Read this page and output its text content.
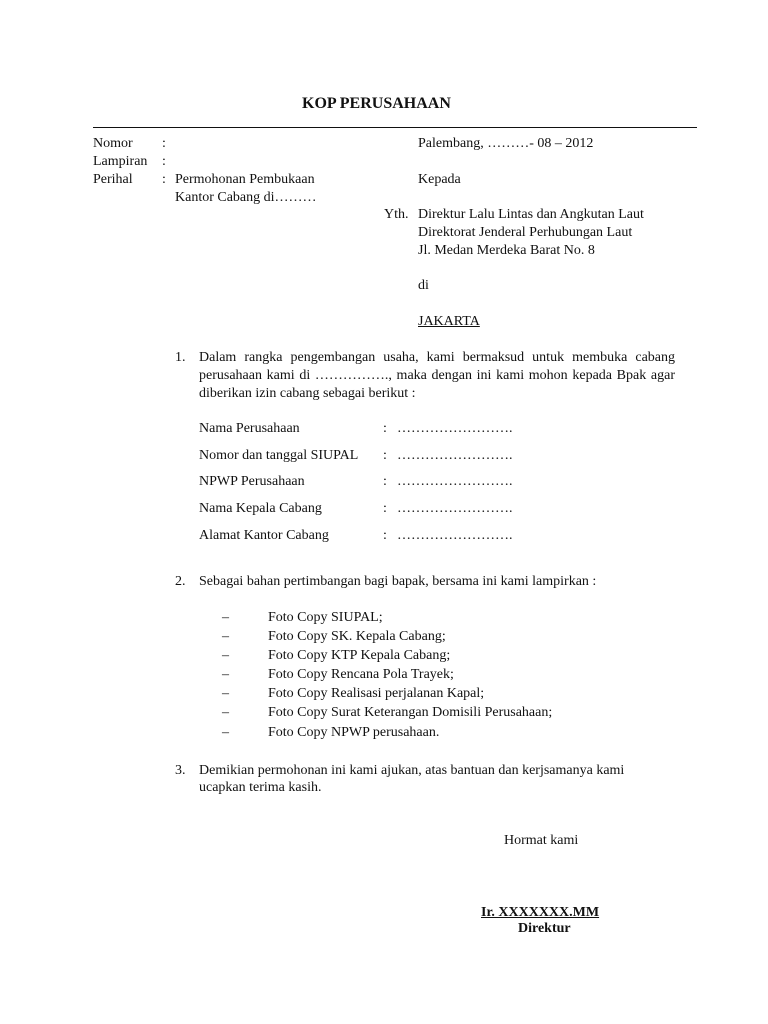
KOP PERUSAHAAN
Nomor :
Lampiran :
Perihal : Permohonan Pembukaan
Kantor Cabang di………
Palembang, ………- 08 – 2012
Kepada
Yth. Direktur Lalu Lintas dan Angkutan Laut
Direktorat Jenderal Perhubungan Laut
Jl. Medan Merdeka Barat No. 8
di
JAKARTA
1. Dalam rangka pengembangan usaha, kami bermaksud untuk membuka cabang perusahaan kami di ……………., maka dengan ini kami mohon kepada Bpak agar diberikan izin cabang sebagai berikut :
Nama Perusahaan	: …………………….
Nomor dan tanggal SIUPAL : …………………….
NPWP Perusahaan	: …………………….
Nama Kepala Cabang	: …………………….
Alamat Kantor Cabang	: …………………….
2. Sebagai bahan pertimbangan bagi bapak, bersama ini kami lampirkan :
–	Foto Copy SIUPAL;
–	Foto Copy SK. Kepala Cabang;
–	Foto Copy KTP Kepala Cabang;
–	Foto Copy Rencana Pola Trayek;
–	Foto Copy Realisasi perjalanan Kapal;
–	Foto Copy Surat Keterangan Domisili Perusahaan;
–	Foto Copy NPWP perusahaan.
3. Demikian permohonan ini kami ajukan, atas bantuan dan kerjsamanya kami
ucapkan terima kasih.
Hormat kami
Ir. XXXXXXX.MM
Direktur
